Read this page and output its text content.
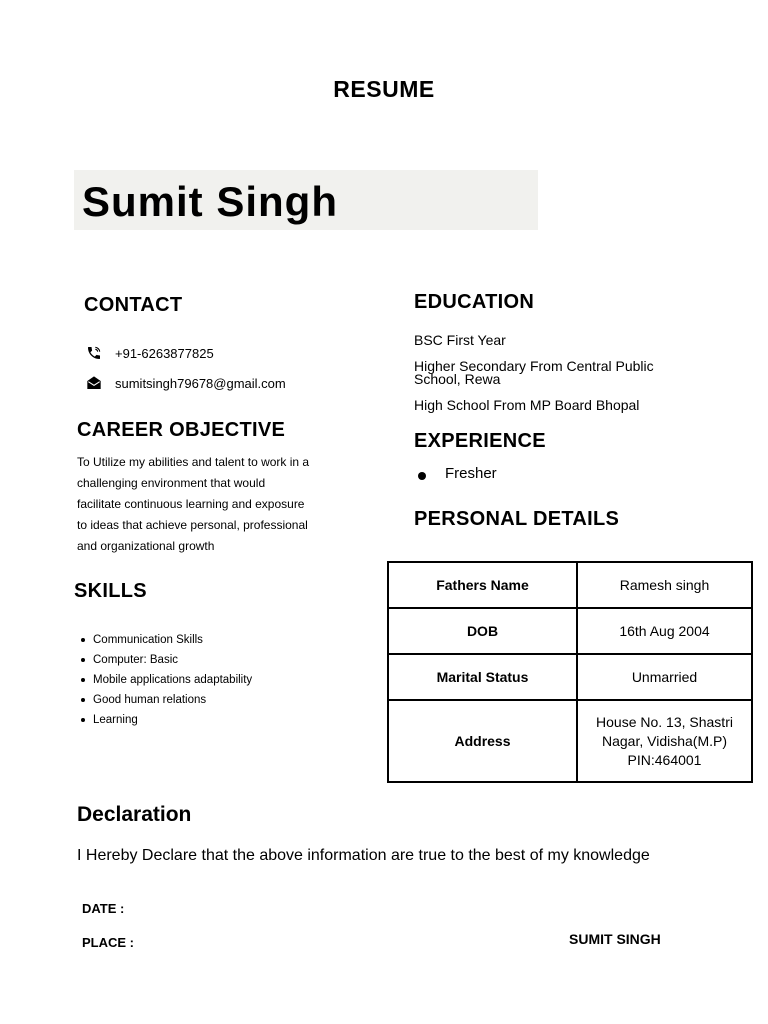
RESUME
Sumit Singh
CONTACT
+91-6263877825
sumitsingh79678@gmail.com
CAREER OBJECTIVE
To Utilize my abilities and talent to work in a
challenging environment that would
facilitate continuous learning and exposure
to ideas that achieve personal, professional
and organizational growth
SKILLS
Communication Skills
Computer: Basic
Mobile applications adaptability
Good human relations
Learning
EDUCATION
BSC First Year
Higher Secondary From Central Public
School, Rewa
High School From MP Board Bhopal
EXPERIENCE
Fresher
PERSONAL DETAILS
Fathers Name	Ramesh singh
DOB	16th Aug 2004
Marital Status	Unmarried
Address	House No. 13, Shastri
Nagar, Vidisha(M.P)
PIN:464001
Declaration
I Hereby Declare that the above information are true to the best of my knowledge
DATE :
PLACE :	SUMIT SINGH
